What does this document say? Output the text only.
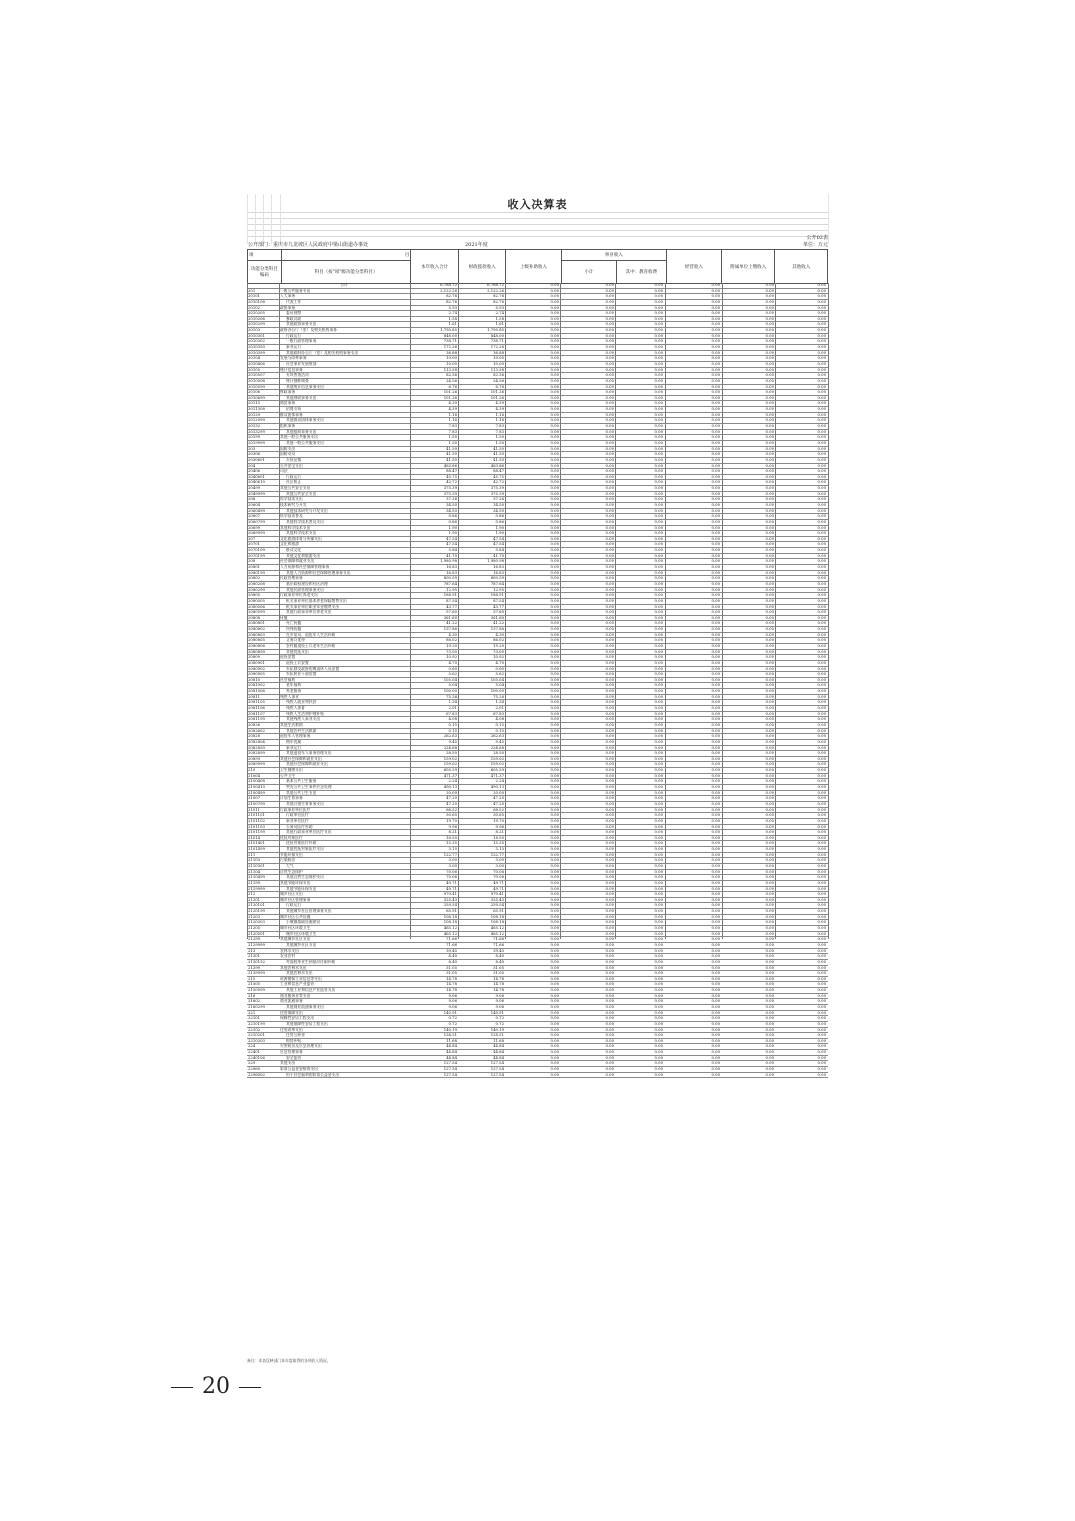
收入决算表
公开02表
公开部门：重庆市九龙坡区人民政府中梁山街道办事处	2021年度	单位：万元
项	目	本年收入合计	财政拨款收入	上级补助收入	事业收入		经营收入	附属单位上缴收入	其他收入
功能分类科目编码	科目（按"项"级功能分类科目）				小计	其中：教育收费			

合计	6,788.72	6,788.72	0.00	0.00	0.00	0.00	0.00	0.00
201	一般公共服务支出	2,122.26	2,122.26	0.00	0.00	0.00	0.00	0.00	0.00
20101	人大事务	82.76	82.76	0.00	0.00	0.00	0.00	0.00	0.00
2010108	代表工作	82.76	82.76	0.00	0.00	0.00	0.00	0.00	0.00
20102	政协事务	5.93	5.93	0.00	0.00	0.00	0.00	0.00	0.00
2010205	委员视察	2.74	2.74	0.00	0.00	0.00	0.00	0.00	0.00
2010206	参政议政	1.58	1.58	0.00	0.00	0.00	0.00	0.00	0.00
2010299	其他政协事务支出	1.61	1.61	0.00	0.00	0.00	0.00	0.00	0.00
20103	政府办公厅（室）及相关机构事务	1,795.85	1,795.85	0.00	0.00	0.00	0.00	0.00	0.00
2010301	行政运行	848.00	848.00	0.00	0.00	0.00	0.00	0.00	0.00
2010302	一般行政管理事务	738.71	738.71	0.00	0.00	0.00	0.00	0.00	0.00
2010350	事业运行	172.26	172.26	0.00	0.00	0.00	0.00	0.00	0.00
2010399	其他政府办公厅（室）及相关机构事务支出	36.88	36.88	0.00	0.00	0.00	0.00	0.00	0.00
20104	发展与改革事务	10.00	10.00	0.00	0.00	0.00	0.00	0.00	0.00
2010406	社会事业发展规划	10.00	10.00	0.00	0.00	0.00	0.00	0.00	0.00
20105	统计信息事务	113.58	113.58	0.00	0.00	0.00	0.00	0.00	0.00
2010507	专项普查活动	82.36	82.36	0.00	0.00	0.00	0.00	0.00	0.00
2010508	统计抽样调查	24.56	24.56	0.00	0.00	0.00	0.00	0.00	0.00
2010599	其他统计信息事务支出	6.76	6.76	0.00	0.00	0.00	0.00	0.00	0.00
20106	财政事务	101.26	101.26	0.00	0.00	0.00	0.00	0.00	0.00
2010699	其他财政事务支出	101.26	101.26	0.00	0.00	0.00	0.00	0.00	0.00
20113	商贸事务	4.39	4.39	0.00	0.00	0.00	0.00	0.00	0.00
2011308	招商引资	4.39	4.39	0.00	0.00	0.00	0.00	0.00	0.00
20129	群众团体事务	1.16	1.16	0.00	0.00	0.00	0.00	0.00	0.00
2012999	其他群众团体事务支出	1.16	1.16	0.00	0.00	0.00	0.00	0.00	0.00
20132	组织事务	7.83	7.83	0.00	0.00	0.00	0.00	0.00	0.00
2013299	其他组织事务支出	7.83	7.83	0.00	0.00	0.00	0.00	0.00	0.00
20199	其他一般公共服务支出	1.50	1.50	0.00	0.00	0.00	0.00	0.00	0.00
2019999	其他一般公共服务支出	1.50	1.50	0.00	0.00	0.00	0.00	0.00	0.00
203	国防支出	41.50	41.50	0.00	0.00	0.00	0.00	0.00	0.00
20306	国防动员	41.50	41.50	0.00	0.00	0.00	0.00	0.00	0.00
2030601	兵役征集	41.50	41.50	0.00	0.00	0.00	0.00	0.00	0.00
204	公共安全支出	463.86	463.86	0.00	0.00	0.00	0.00	0.00	0.00
20406	司法	88.47	88.47	0.00	0.00	0.00	0.00	0.00	0.00
2040601	行政运行	45.75	45.75	0.00	0.00	0.00	0.00	0.00	0.00
2040610	社区矫正	42.72	42.72	0.00	0.00	0.00	0.00	0.00	0.00
20499	其他公共安全支出	375.39	375.39	0.00	0.00	0.00	0.00	0.00	0.00
2049999	其他公共安全支出	375.39	375.39	0.00	0.00	0.00	0.00	0.00	0.00
206	科学技术支出	37.26	37.26	0.00	0.00	0.00	0.00	0.00	0.00
20604	技术研究与开发	34.50	34.50	0.00	0.00	0.00	0.00	0.00	0.00
2060499	其他技术研究与开发支出	34.50	34.50	0.00	0.00	0.00	0.00	0.00	0.00
20607	科学技术普及	0.86	0.86	0.00	0.00	0.00	0.00	0.00	0.00
2060799	其他科学技术普及支出	0.86	0.86	0.00	0.00	0.00	0.00	0.00	0.00
20699	其他科学技术支出	1.90	1.90	0.00	0.00	0.00	0.00	0.00	0.00
2069999	其他科学技术支出	1.90	1.90	0.00	0.00	0.00	0.00	0.00	0.00
207	文化旅游体育与传媒支出	47.54	47.54	0.00	0.00	0.00	0.00	0.00	0.00
20701	文化和旅游	47.54	47.54	0.00	0.00	0.00	0.00	0.00	0.00
2070109	群众文化	5.84	5.84	0.00	0.00	0.00	0.00	0.00	0.00
2070199	其他文化和旅游支出	41.70	41.70	0.00	0.00	0.00	0.00	0.00	0.00
208	社会保障和就业支出	1,980.98	1,980.98	0.00	0.00	0.00	0.00	0.00	0.00
20801	人力资源和社会保障管理事务	16.83	16.83	0.00	0.00	0.00	0.00	0.00	0.00
2080199	其他人力资源和社会保障管理事务支出	16.83	16.83	0.00	0.00	0.00	0.00	0.00	0.00
20802	民政管理事务	800.59	800.59	0.00	0.00	0.00	0.00	0.00	0.00
2080208	基层政权建设和社区治理	787.64	787.64	0.00	0.00	0.00	0.00	0.00	0.00
2080299	其他民政管理事务支出	12.95	12.95	0.00	0.00	0.00	0.00	0.00	0.00
20805	行政事业单位养老支出	188.91	188.91	0.00	0.00	0.00	0.00	0.00	0.00
2080505	机关事业单位基本养老保险缴费支出	87.54	87.54	0.00	0.00	0.00	0.00	0.00	0.00
2080506	机关事业单位职业年金缴费支出	43.77	43.77	0.00	0.00	0.00	0.00	0.00	0.00
2080599	其他行政事业单位养老支出	57.60	57.60	0.00	0.00	0.00	0.00	0.00	0.00
20808	抚恤	361.60	361.60	0.00	0.00	0.00	0.00	0.00	0.00
2080801	死亡抚恤	41.22	41.22	0.00	0.00	0.00	0.00	0.00	0.00
2080802	伤残抚恤	137.86	137.86	0.00	0.00	0.00	0.00	0.00	0.00
2080803	在乡复员、退伍军人生活补助	4.30	4.30	0.00	0.00	0.00	0.00	0.00	0.00
2080805	义务兵优待	86.02	86.02	0.00	0.00	0.00	0.00	0.00	0.00
2080806	农村籍退役士兵老年生活补助	19.20	19.20	0.00	0.00	0.00	0.00	0.00	0.00
2080899	其他优抚支出	73.00	73.00	0.00	0.00	0.00	0.00	0.00	0.00
20809	退役安置	10.92	10.92	0.00	0.00	0.00	0.00	0.00	0.00
2080901	退役士兵安置	4.70	4.70	0.00	0.00	0.00	0.00	0.00	0.00
2080902	军队移交政府的离退休人员安置	0.60	0.60	0.00	0.00	0.00	0.00	0.00	0.00
2080905	军队转业干部安置	5.62	5.62	0.00	0.00	0.00	0.00	0.00	0.00
20810	社会福利	105.04	105.04	0.00	0.00	0.00	0.00	0.00	0.00
2081002	老年福利	5.04	5.04	0.00	0.00	0.00	0.00	0.00	0.00
2081006	养老服务	100.00	100.00	0.00	0.00	0.00	0.00	0.00	0.00
20811	残疾人事业	75.26	75.26	0.00	0.00	0.00	0.00	0.00	0.00
2081105	残疾人就业和扶贫	1.34	1.34	0.00	0.00	0.00	0.00	0.00	0.00
2081106	残疾人体育	2.01	2.01	0.00	0.00	0.00	0.00	0.00	0.00
2081107	残疾人生活和护理补贴	67.83	67.83	0.00	0.00	0.00	0.00	0.00	0.00
2081199	其他残疾人事业支出	4.08	4.08	0.00	0.00	0.00	0.00	0.00	0.00
20826	其他生活救助	0.15	0.15	0.00	0.00	0.00	0.00	0.00	0.00
2082602	其他农村生活救助	0.15	0.15	0.00	0.00	0.00	0.00	0.00	0.00
20828	退役军人管理事务	262.63	262.63	0.00	0.00	0.00	0.00	0.00	0.00
2082804	拥军优属	9.45	9.45	0.00	0.00	0.00	0.00	0.00	0.00
2082850	事业运行	224.68	224.68	0.00	0.00	0.00	0.00	0.00	0.00
2082899	其他退役军人事务管理支出	28.50	28.50	0.00	0.00	0.00	0.00	0.00	0.00
20899	其他社会保障和就业支出	159.02	159.02	0.00	0.00	0.00	0.00	0.00	0.00
2089999	其他社会保障和就业支出	159.02	159.02	0.00	0.00	0.00	0.00	0.00	0.00
210	卫生健康支出	605.59	605.59	0.00	0.00	0.00	0.00	0.00	0.00
21004	公共卫生	471.37	471.37	0.00	0.00	0.00	0.00	0.00	0.00
2100408	基本公共卫生服务	2.24	2.24	0.00	0.00	0.00	0.00	0.00	0.00
2100410	突发公共卫生事件应急处理	490.13	490.13	0.00	0.00	0.00	0.00	0.00	0.00
2100499	其他公共卫生支出	20.00	20.00	0.00	0.00	0.00	0.00	0.00	0.00
21007	计划生育事务	47.20	47.20	0.00	0.00	0.00	0.00	0.00	0.00
2100799	其他计划生育事务支出	47.20	47.20	0.00	0.00	0.00	0.00	0.00	0.00
21011	行政事业单位医疗	68.52	68.52	0.00	0.00	0.00	0.00	0.00	0.00
2101101	行政单位医疗	30.65	30.65	0.00	0.00	0.00	0.00	0.00	0.00
2101102	事业单位医疗	19.70	19.70	0.00	0.00	0.00	0.00	0.00	0.00
2101103	公务员医疗补助	9.96	9.96	0.00	0.00	0.00	0.00	0.00	0.00
2101199	其他行政事业单位医疗支出	8.21	8.21	0.00	0.00	0.00	0.00	0.00	0.00
21014	优抚对象医疗	18.50	18.50	0.00	0.00	0.00	0.00	0.00	0.00
2101401	优抚对象医疗补助	15.35	15.35	0.00	0.00	0.00	0.00	0.00	0.00
2101499	其他优抚对象医疗支出	3.15	3.15	0.00	0.00	0.00	0.00	0.00	0.00
211	节能环保支出	122.77	122.77	0.00	0.00	0.00	0.00	0.00	0.00
21103	污染防治	3.00	3.00	0.00	0.00	0.00	0.00	0.00	0.00
2110301	大气	3.00	3.00	0.00	0.00	0.00	0.00	0.00	0.00
21104	自然生态保护	70.06	70.06	0.00	0.00	0.00	0.00	0.00	0.00
2110499	其他自然生态保护支出	70.06	70.06	0.00	0.00	0.00	0.00	0.00	0.00
21199	其他节能环保支出	49.71	49.71	0.00	0.00	0.00	0.00	0.00	0.00
2119999	其他节能环保支出	49.71	49.71	0.00	0.00	0.00	0.00	0.00	0.00
212	城乡社区支出	970.41	970.41	0.00	0.00	0.00	0.00	0.00	0.00
21201	城乡社区管理事务	325.43	325.43	0.00	0.00	0.00	0.00	0.00	0.00
2120101	行政运行	259.54	259.54	0.00	0.00	0.00	0.00	0.00	0.00
2120199	其他城乡社区管理事务支出	65.91	65.91	0.00	0.00	0.00	0.00	0.00	0.00
21203	城乡社区公共设施	108.18	108.18	0.00	0.00	0.00	0.00	0.00	0.00
2120303	小城镇基础设施建设	108.18	108.18	0.00	0.00	0.00	0.00	0.00	0.00
21205	城乡社区环境卫生	465.12	465.12	0.00	0.00	0.00	0.00	0.00	0.00
2120501	城乡社区环境卫生	465.12	465.12	0.00	0.00	0.00	0.00	0.00	0.00
21299	其他城乡社区支出	71.66	71.66	0.00	0.00	0.00	0.00	0.00	0.00
2129999	其他城乡社区支出	71.66	71.66	0.00	0.00	0.00	0.00	0.00	0.00
213	农林水支出	39.45	39.45	0.00	0.00	0.00	0.00	0.00	0.00
21301	农业农村	8.40	8.40	0.00	0.00	0.00	0.00	0.00	0.00
2130152	对高校毕业生到基层任职补助	8.40	8.40	0.00	0.00	0.00	0.00	0.00	0.00
21399	其他农林水支出	31.05	31.05	0.00	0.00	0.00	0.00	0.00	0.00
2139999	其他农林水支出	31.05	31.05	0.00	0.00	0.00	0.00	0.00	0.00
215	资源勘探工业信息等支出	14.78	14.78	0.00	0.00	0.00	0.00	0.00	0.00
21505	工业和信息产业监管	14.78	14.78	0.00	0.00	0.00	0.00	0.00	0.00
2150599	其他工业和信息产业监管支出	14.78	14.78	0.00	0.00	0.00	0.00	0.00	0.00
216	商业服务业等支出	9.06	9.06	0.00	0.00	0.00	0.00	0.00	0.00
21602	商业流通事务	9.06	9.06	0.00	0.00	0.00	0.00	0.00	0.00
2160299	其他商业流通事务支出	9.06	9.06	0.00	0.00	0.00	0.00	0.00	0.00
221	住房保障支出	140.91	140.91	0.00	0.00	0.00	0.00	0.00	0.00
22101	保障性安居工程支出	0.72	0.72	0.00	0.00	0.00	0.00	0.00	0.00
2210199	其他保障性安居工程支出	0.72	0.72	0.00	0.00	0.00	0.00	0.00	0.00
22102	住房改革支出	140.19	140.19	0.00	0.00	0.00	0.00	0.00	0.00
2210201	住房公积金	128.51	128.51	0.00	0.00	0.00	0.00	0.00	0.00
2210203	购房补贴	11.68	11.68	0.00	0.00	0.00	0.00	0.00	0.00
224	灾害防治及应急管理支出	44.84	44.84	0.00	0.00	0.00	0.00	0.00	0.00
22401	应急管理事务	44.84	44.84	0.00	0.00	0.00	0.00	0.00	0.00
2240106	安全监管	44.84	44.84	0.00	0.00	0.00	0.00	0.00	0.00
229	其他支出	127.54	127.54	0.00	0.00	0.00	0.00	0.00	0.00
22960	彩票公益金安排的支出	127.54	127.54	0.00	0.00	0.00	0.00	0.00	0.00
2296002	用于社会福利的彩票公益金支出	127.54	127.54	0.00	0.00	0.00	0.00	0.00	0.00
备注：本表反映部门本年度取得的各项收入情况。
20
